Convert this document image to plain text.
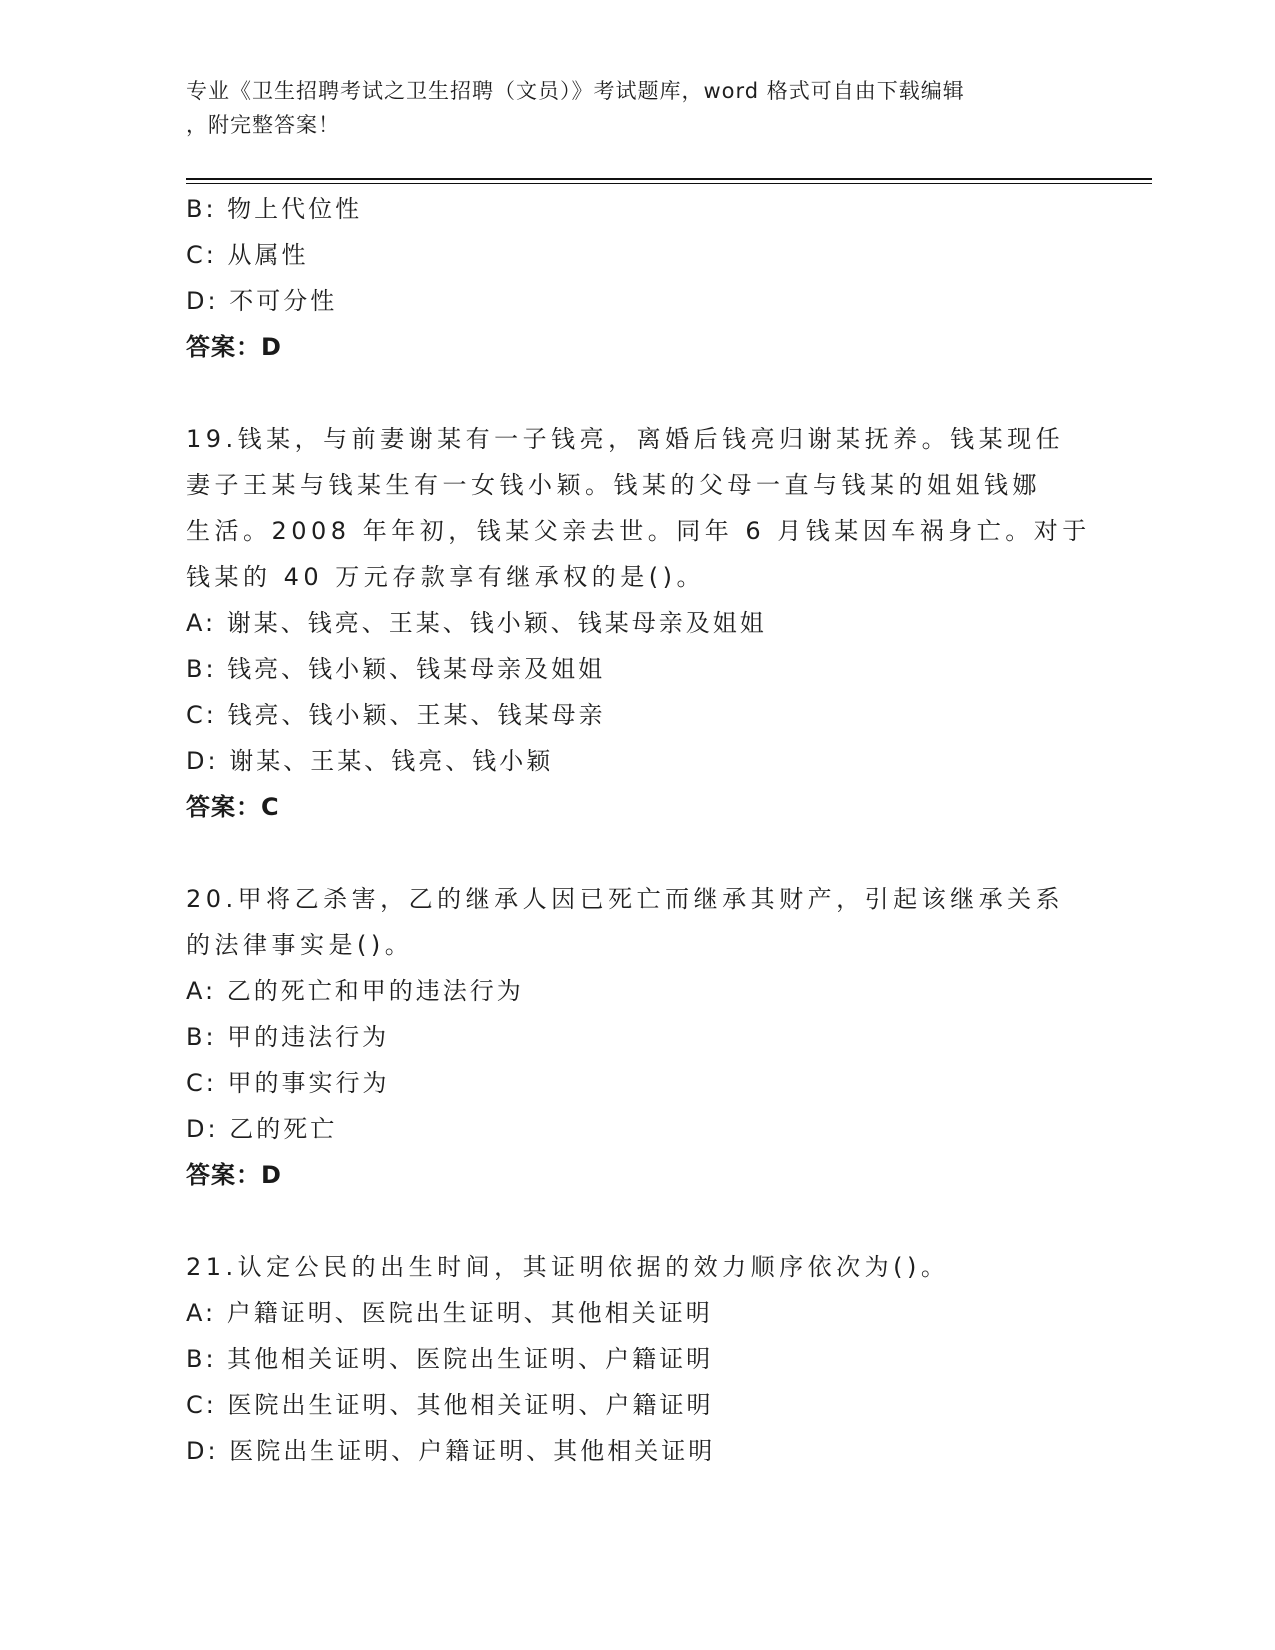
专业《卫生招聘考试之卫生招聘（文员）》考试题库，word 格式可自由下载编辑
，附完整答案！
B: 物上代位性
C: 从属性
D: 不可分性
答案：D
19.钱某，与前妻谢某有一子钱亮，离婚后钱亮归谢某抚养。钱某现任
妻子王某与钱某生有一女钱小颖。钱某的父母一直与钱某的姐姐钱娜
生活。2008 年年初，钱某父亲去世。同年 6 月钱某因车祸身亡。对于
钱某的 40 万元存款享有继承权的是()。
A: 谢某、钱亮、王某、钱小颖、钱某母亲及姐姐
B: 钱亮、钱小颖、钱某母亲及姐姐
C: 钱亮、钱小颖、王某、钱某母亲
D: 谢某、王某、钱亮、钱小颖
答案：C
20.甲将乙杀害，乙的继承人因已死亡而继承其财产，引起该继承关系
的法律事实是()。
A: 乙的死亡和甲的违法行为
B: 甲的违法行为
C: 甲的事实行为
D: 乙的死亡
答案：D
21.认定公民的出生时间，其证明依据的效力顺序依次为()。
A: 户籍证明、医院出生证明、其他相关证明
B: 其他相关证明、医院出生证明、户籍证明
C: 医院出生证明、其他相关证明、户籍证明
D: 医院出生证明、户籍证明、其他相关证明
